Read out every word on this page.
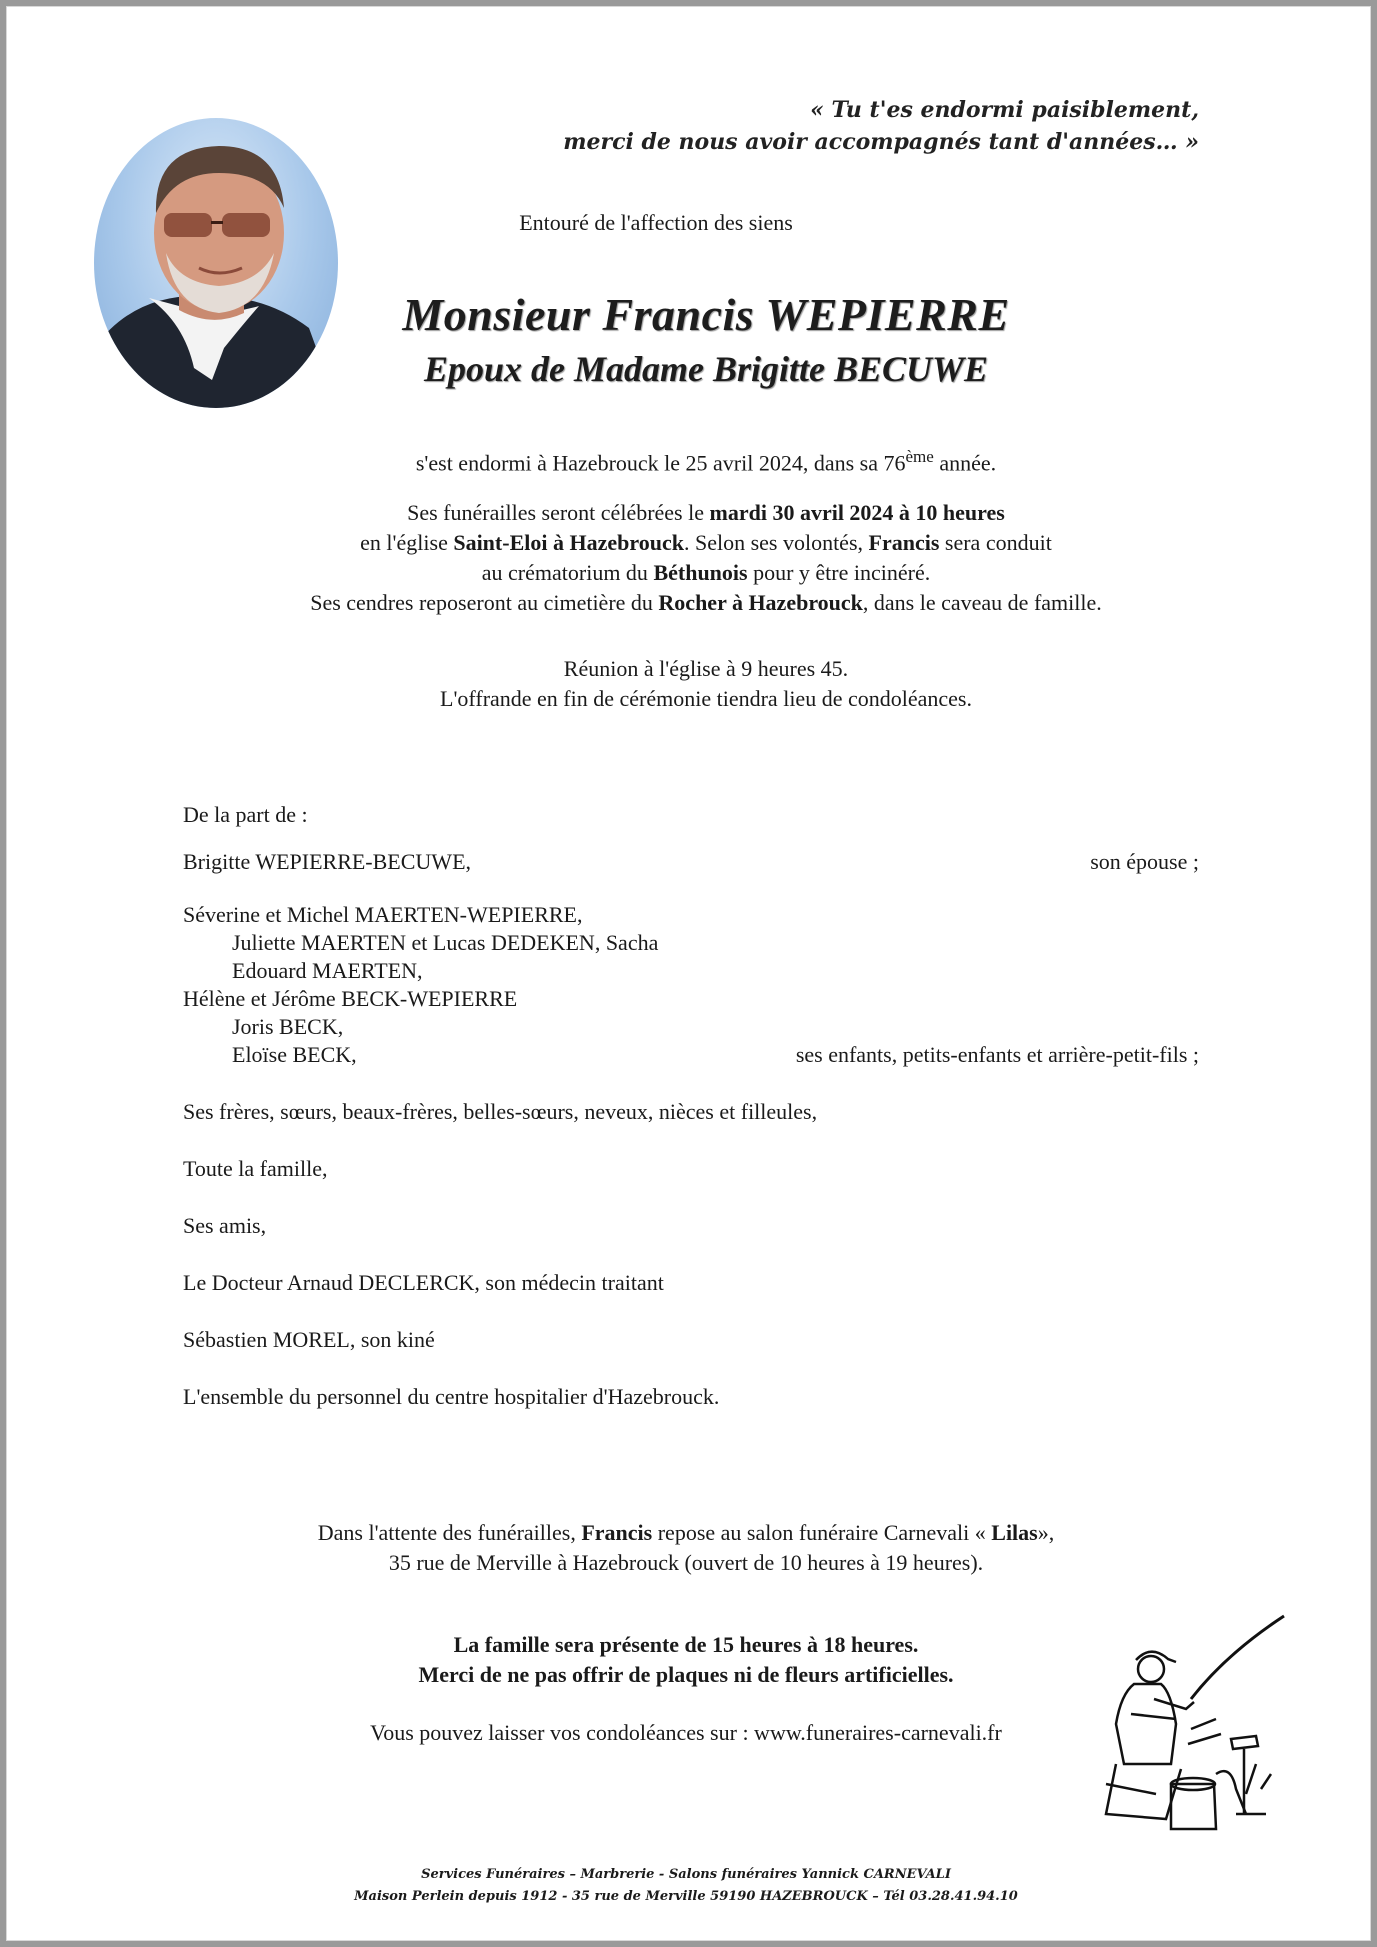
« Tu t'es endormi paisiblement,
merci de nous avoir accompagnés tant d'années… »
Entouré de l'affection des siens
Monsieur Francis WEPIERRE
Epoux de Madame Brigitte BECUWE
s'est endormi à Hazebrouck le 25 avril 2024, dans sa 76ème année.
Ses funérailles seront célébrées le mardi 30 avril 2024 à 10 heures
en l'église Saint-Eloi à Hazebrouck. Selon ses volontés, Francis sera conduit
au crématorium du Béthunois pour y être incinéré.
Ses cendres reposeront au cimetière du Rocher à Hazebrouck, dans le caveau de famille.
Réunion à l'église à 9 heures 45.
L'offrande en fin de cérémonie tiendra lieu de condoléances.
De la part de :
Brigitte WEPIERRE-BECUWE,	son épouse ;
Séverine et Michel MAERTEN-WEPIERRE,
Juliette MAERTEN et Lucas DEDEKEN, Sacha
Edouard MAERTEN,
Hélène et Jérôme BECK-WEPIERRE
Joris BECK,
Eloïse BECK,	ses enfants, petits-enfants et arrière-petit-fils ;
Ses frères, sœurs, beaux-frères, belles-sœurs, neveux, nièces et filleules,
Toute la famille,
Ses amis,
Le Docteur Arnaud DECLERCK, son médecin traitant
Sébastien MOREL, son kiné
L'ensemble du personnel du centre hospitalier d'Hazebrouck.
Dans l'attente des funérailles, Francis repose au salon funéraire Carnevali « Lilas»,
35 rue de Merville à Hazebrouck (ouvert de 10 heures à 19 heures).
La famille sera présente de 15 heures à 18 heures.
Merci de ne pas offrir de plaques ni de fleurs artificielles.
Vous pouvez laisser vos condoléances sur : www.funeraires-carnevali.fr
Services Funéraires – Marbrerie - Salons funéraires Yannick CARNEVALI
Maison Perlein depuis 1912 - 35 rue de Merville 59190 HAZEBROUCK – Tél 03.28.41.94.10
